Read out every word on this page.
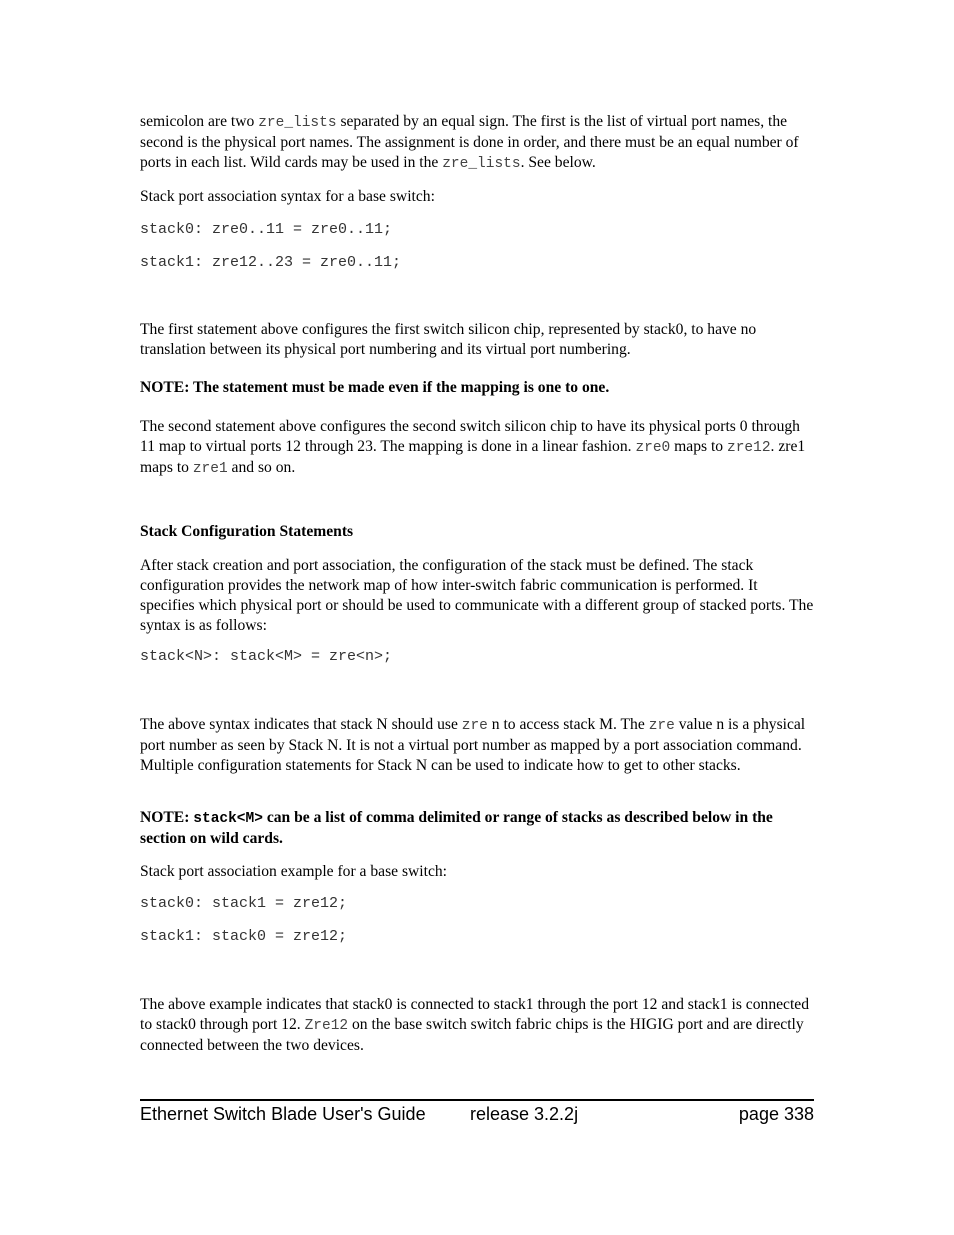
semicolon are two zre_lists separated by an equal sign. The first is the list of virtual port names, the second is the physical port names. The assignment is done in order, and there must be an equal number of ports in each list. Wild cards may be used in the zre_lists. See below.

Stack port association syntax for a base switch:

stack0: zre0..11 = zre0..11;

stack1: zre12..23 = zre0..11;

The first statement above configures the first switch silicon chip, represented by stack0, to have no translation between its physical port numbering and its virtual port numbering.

NOTE: The statement must be made even if the mapping is one to one.

The second statement above configures the second switch silicon chip to have its physical ports 0 through 11 map to virtual ports 12 through 23. The mapping is done in a linear fashion. zre0 maps to zre12. zre1 maps to zre1 and so on.

Stack Configuration Statements

After stack creation and port association, the configuration of the stack must be defined. The stack configuration provides the network map of how inter-switch fabric communication is performed. It specifies which physical port or should be used to communicate with a different group of stacked ports. The syntax is as follows:

stack<N>: stack<M> = zre<n>;

The above syntax indicates that stack N should use zre n to access stack M. The zre value n is a physical port number as seen by Stack N. It is not a virtual port number as mapped by a port association command. Multiple configuration statements for Stack N can be used to indicate how to get to other stacks.

NOTE: stack<M> can be a list of comma delimited or range of stacks as described below in the section on wild cards.

Stack port association example for a base switch:

stack0: stack1 = zre12;

stack1: stack0 = zre12;

The above example indicates that stack0 is connected to stack1 through the port 12 and stack1 is connected to stack0 through port 12. Zre12 on the base switch switch fabric chips is the HIGIG port and are directly connected between the two devices.

Ethernet Switch Blade User's Guide release 3.2.2j	page 338
